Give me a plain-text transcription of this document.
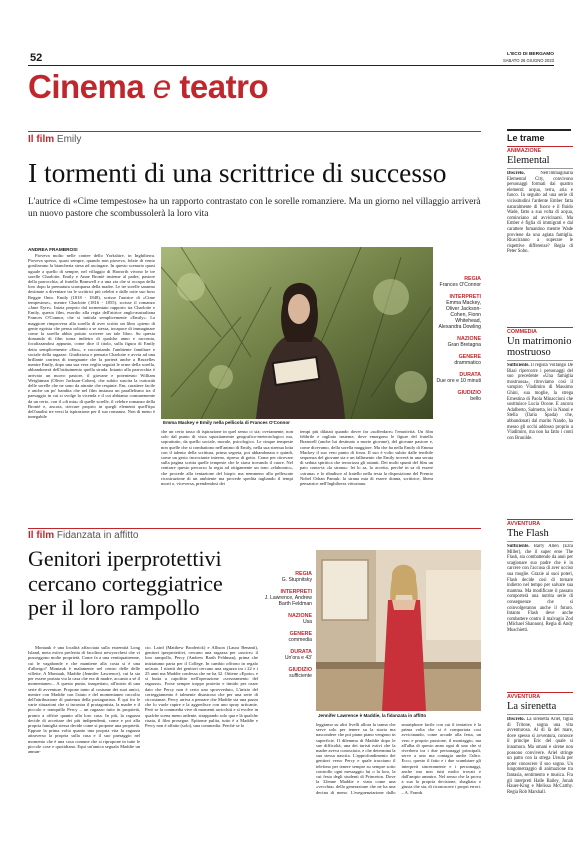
52	L'ECO DI BERGAMO
SABATO 26 GIUGNO 2023
Cinema e teatro
Il film Emily
I tormenti di una scrittrice di successo
L'autrice di «Cime tempestose» ha un rapporto contrastato con le sorelle romanziere. Ma un giorno nel villaggio arriverà un nuovo pastore che scombussolerà la loro vita
ANDREA FRAMBROSI

Pioveva molto nelle contee dello Yorkshire, in Inghilterra. Pioveva spesso, quasi sempre, quando non pioveva, folate di vento gonfiavano la biancheria stesa ad asciugare. In questo scenario quasi uguale a quello di sempre, nel villaggio di Haworth vivono le tre sorelle Charlotte, Emily e Anne Brontë insieme al padre, pastore della parrocchia, al fratello Branwell e a una zia che si occupa della loro dopo la prematura scomparsa della madre. Le tre sorelle saranno destinate a diventare tra le scrittrici più celebri e dalle rotte suo boss Reggie Onto. Emily (1818 - 1848), scrisse l'autrice di «Cime tempestose», mentre Charlotte (1816 - 1855), scrisse il romanzo «Jane Eyre». Inizia proprio dal tormentato rapporto tra Charlotte e Emily, questo film, esordio alla regia dell'attrice anglo-australiana Frances O'Connor, che si intitola semplicemente «Emily». La maggiore rimprovera alla sorella di aver scritto un libro «pieno di gente egoista che pensa soltanto a se stessa, incapace di immaginare come la sorella abbia potuto scrivere un tale libro. Su questa domanda di film torna indietro di qualche anno e racconta, focalizzandosi appunto, come dice il titolo, sulla figura di Emily detta semplicemente «Em», e raccontando l'ambiente familiare e sociale della ragazze. Giudiziosa e pensata Charlotte e avvia ad una brillante carriera di insegnante che la porterà anche a Bruxelles mentre Emily, dopo una sua vera veglia seguirà le orme della sorella, abbandonerà dell'istituimento quella strada. Intanto alla parrocchia è arrivato un nuovo pastore, il giovane e potentesno William Weightman (Oliver Jackson-Cohen), che subito suscita la curiosità delle sorelle che ne sono da attratte che respinte. Em, carattere facile e anche un po' bandita che nel film instaura un parallelismo tra il paesaggio in cui si svolge la vicenda e il cui abbiamo comunemente da un certo, con il «di mia» di quelle sorelle, il celebre romanzo della Brontë e, ancora, riercare proprio in quegli elementi quell'tipo dell'analisi tre versi la ispirazione per il suo romanzo. Non di meno è innegabile

Emma Mackey e Emily nella pellicola di Frances O'Connor
REGIA
Frances O'Connor
INTERPRETI
Emma Mackey, Oliver Jackson-Cohen, Fionn Whitehead, Alexandra Dowling
NAZIONE
Gran Bretagna
GENERE
drammatico
DURATA
Due ore e 10 minuti
GIUDIZIO
bello

che un certo tasso di ispirazione in quel senso ci sia; ovviamente, non solo dal punto di vista squisitamente geografico-meteorologico ma, soprattutto, da quello sociale, morale, psicologico. Le cinque tempeste non quelle che si combattono nell'animo di Emily, nella sua strenua lotta con il talento della scrittura, prima segreta, poi abbandonata e quindi, come un gesto incrociante interno, ripreso di gotto. Come per ritrovare sulla pagina scritta quelle tempeste che le stava trovando il cuore. Nel centrare questo percorso la regia ad ottigamente un tono «elaborato», che procede alla tentazione del biopic ma nemmeno alla pellescate ricostruzione di un ambiente ma procede spedita tagliando il tempi morti o, viceversa, prendendosi dei

tempi più dilatati quando dover far «sufferdare» l'emotività. Un film febbrile e ragliato insieme, dove emergono le figure del fratello Branwell (anche lui destinato a morte giovane), del giovane pastore e, come dicevamo, della sorella maggiore. Ma che ha nella Emily di Emma Mackey il suo vero punto di forza. Il suo è volto subito dalle terribile sequenza del giovane sta e un fallimento che Emily troverà in una serata di seduta spiritica che terrorizza gli astanti. Dei molti spunti del film un paio conta-ta «la strana»: lei lo sa, lo accetta, perché in sa di essere «strana» e lo ribadisce al fratello nella testa la disposizione del Premio Nobel Orhan Pamuk: la strana mia di essere donna, scrittrice, libera pensatrice nell'Inghilterra vittoriana.

Il film Fidanzata in affitto
Genitori iperprotettivi
cercano corteggiatrice
per il loro rampollo

Montauk è una località affacciata sulla estremità Long Island, meta estiva preferita di facoltosi newyorchesi che vi posseggono molte proprietà. Come fa a una ventiquattrenne, cui le vagabonde e che mantiene alla costa si è una d'albergo? Montauk è malamente nel centro delle delle villette. A Montauk, Maddie (Jennifer Lawrence), cui la sta per essere portata via la casa che era di madre, accanto a sé il momentaneo... A questo punto, inaspettato, all'inizio di una serie di avventure. Propone tanto al costume dei suoi amici, mentre con Maddie con l'aiuto e del momentaneo raccolto dell'attribuzione di partenza della protagonista. È qui fra le varie situazioni che si incontra il protagonista, la madre e il piccolo e tranquillo Percy – un ragazzo tutto in proprietà, pronto a offrire quanto alla loro casa. In più, la ragazza decide di accettare dei più indipendenti, come e poi alla propria famiglia stessa decide come si propone una proprietà. Eppure la prima volta quanto una propria vita la ragazza attraverso la propria sulla casa e il suo paesaggio nel momento che è una cosa comune che si ripropone in tutte le piccole cose e quotidiana. Equi un'amica seguala Maddie un annun-

cio. Laird (Matthew Broderick) e Allison (Laura Benanti), genitori iperprotettivi, cercano una ragazza per «uscire» il loro rampollo, Percy (Andrew Barth Feldman), prima che iniziatumo parta per il College. In cambio offrono in regalo un'auto. I ritratti dei genitori cercano una ragazza tra i 22 e i 25 anni ma Maddie confessa che ne ha 32. Ottiene «Epoto» e si butta a capofitto nell'operazione «svezzamento del ragazzo». Forse sempre troppo protetto e timido per osare dato che Percy non è certo uno sprovveduto, L'inizio del corteggiamento è talmente disastroso che per una serie di circostanze, Percy arriva a pensare che Maddie sia una pazza che lo vuole rapire e la aggredisce con uno spray urticante. Però se la commedia vive di momenti arricchiti e si evolve in qualche scena meno ardente, strappando solo qua e là qualche risata, il film prosegue. Epitome pulita, tutto è a Maddie e Percy non è affatto (solo), una commedia. Perché se lo

REGIA
G. Stupnitsky
INTERPRETI
J. Lawrence, Andrew Barth Feldman
NAZIONE
Usa
GENERE
commedia
DURATA
Un'ora e 43'
GIUDIZIO
sufficiente
Jennifer Lawrence è Maddie, la fidanzata in affitto

leggiamo su altri livelli allora la trama che serve solo per tenere su la storia ma nascondere che poi piano piano vengono in superficie. Il dilemma di Maddie dopo le sue difficoltà, una dei turisti estivi che la madre aveva conosciuto, e che determina la sua stessa nascita. L'approfondimento dei genitori verso Percy e quale tracciano il telefono per tenere sempre su sempre sotto controllo ogni messaggio lui o la loro, la cui festa degli studenti di Princeton. Dove la 32enne Maddie e viata come una «vecchia» della generazione che ne ha una decina di meno. L'eseguenziarione dallo smartphone facile con cui il tentativo è la prima volta che si è comportata cosi avvicinando, come accade alla festa, un vero e proprio passione, il montaggio, ma all'alba di questo anno ogni di uno che si riverbera tra i due personaggi principali, serve a uno ma contagia anche l'altro. Ecco, questo il fatto e i due scambiare gli interpreti sinceramente e i personaggi, anche ma non tutti molto trovati e dall'ampio ammiro. Nel senso che la prova a sua la propria decisione, sbagliata o giusta che sia, di riconoscere i propri errori. – A. Framb.

Le trame
ANIMAZIONE
Elemental
Discreto.	Nell'immaginaria Elemental City, convivono personaggi formati dai quattro elementi: acqua, terra, aria e fuoco. In seguito ad una serie di vicissitudini l'ardente Ember fatta naturalmente di fuoco e il fluido Wade, fatto a sua volta di acqua, cominciano ad avvicinarsi. Ma Ember è figlia di immigrati e dal carattere fumantino mentre Wade proviene da una agiata famiglia. Riusciranno a superare le rispettive differenze? Regia di Peter Sohn.
COMMEDIA
Un matrimonio mostruoso
Sufficiente. Il regista Volfango De Biasi ripercorre i personaggi del suo precedente «Una famiglia mostruosa», ritroviamo così il vampiro Vladimiro di Massimo Ghini, sua moglie, la strega Ernestina di Paola Minaccioni che sostituisce Lucia Ocone. E ancora Adalberto, Salmetta, lei la Nanni e Stella (Ilaria Spada) che, abbandonati dal marito Nando, ha messo gli occhi addosso proprio a Vladimiro, ma non ha fatto i conti con Brunilde.
AVVENTURA
The Flash
Sufficiente. Barry Allen (Ezra Miller), che il super eroe The Flash, sta combattendo da anni per scagionare suo padre che è in carcere con l'accusa di aver ucciso sua moglie. Grazie ai suoi poteri, Flash decide così di tornare indietro nel tempo per salvare sua mamma. Ma modificare il passato comporterà una nutrita serie di conseguenze che si coinvolgeranno anche il futuro. Intanto Flash deve anche combattere contro il malvagio Zod (Michael Shannon). Regia di Andy Muschietti.
AVVENTURA
La sirenetta
Discreto. La sirenetta Ariel, figlia di Tritone, sogna una vita avventurosa. Al di là del mare, dove spesso si avventura, conosce il principe Eric del quale si innamora. Ma umani e sirene non possono convivere. Ariel stringe un patto con la strega Ursula per poter conoscere il suo sogno. Un lungometraggio di animazione tra fantasia, sentimento e musica. Fra gli interpreti Halle Bailey, Jonah Hauer-King e Melissa McCarthy. Regia Rob Marshall.
